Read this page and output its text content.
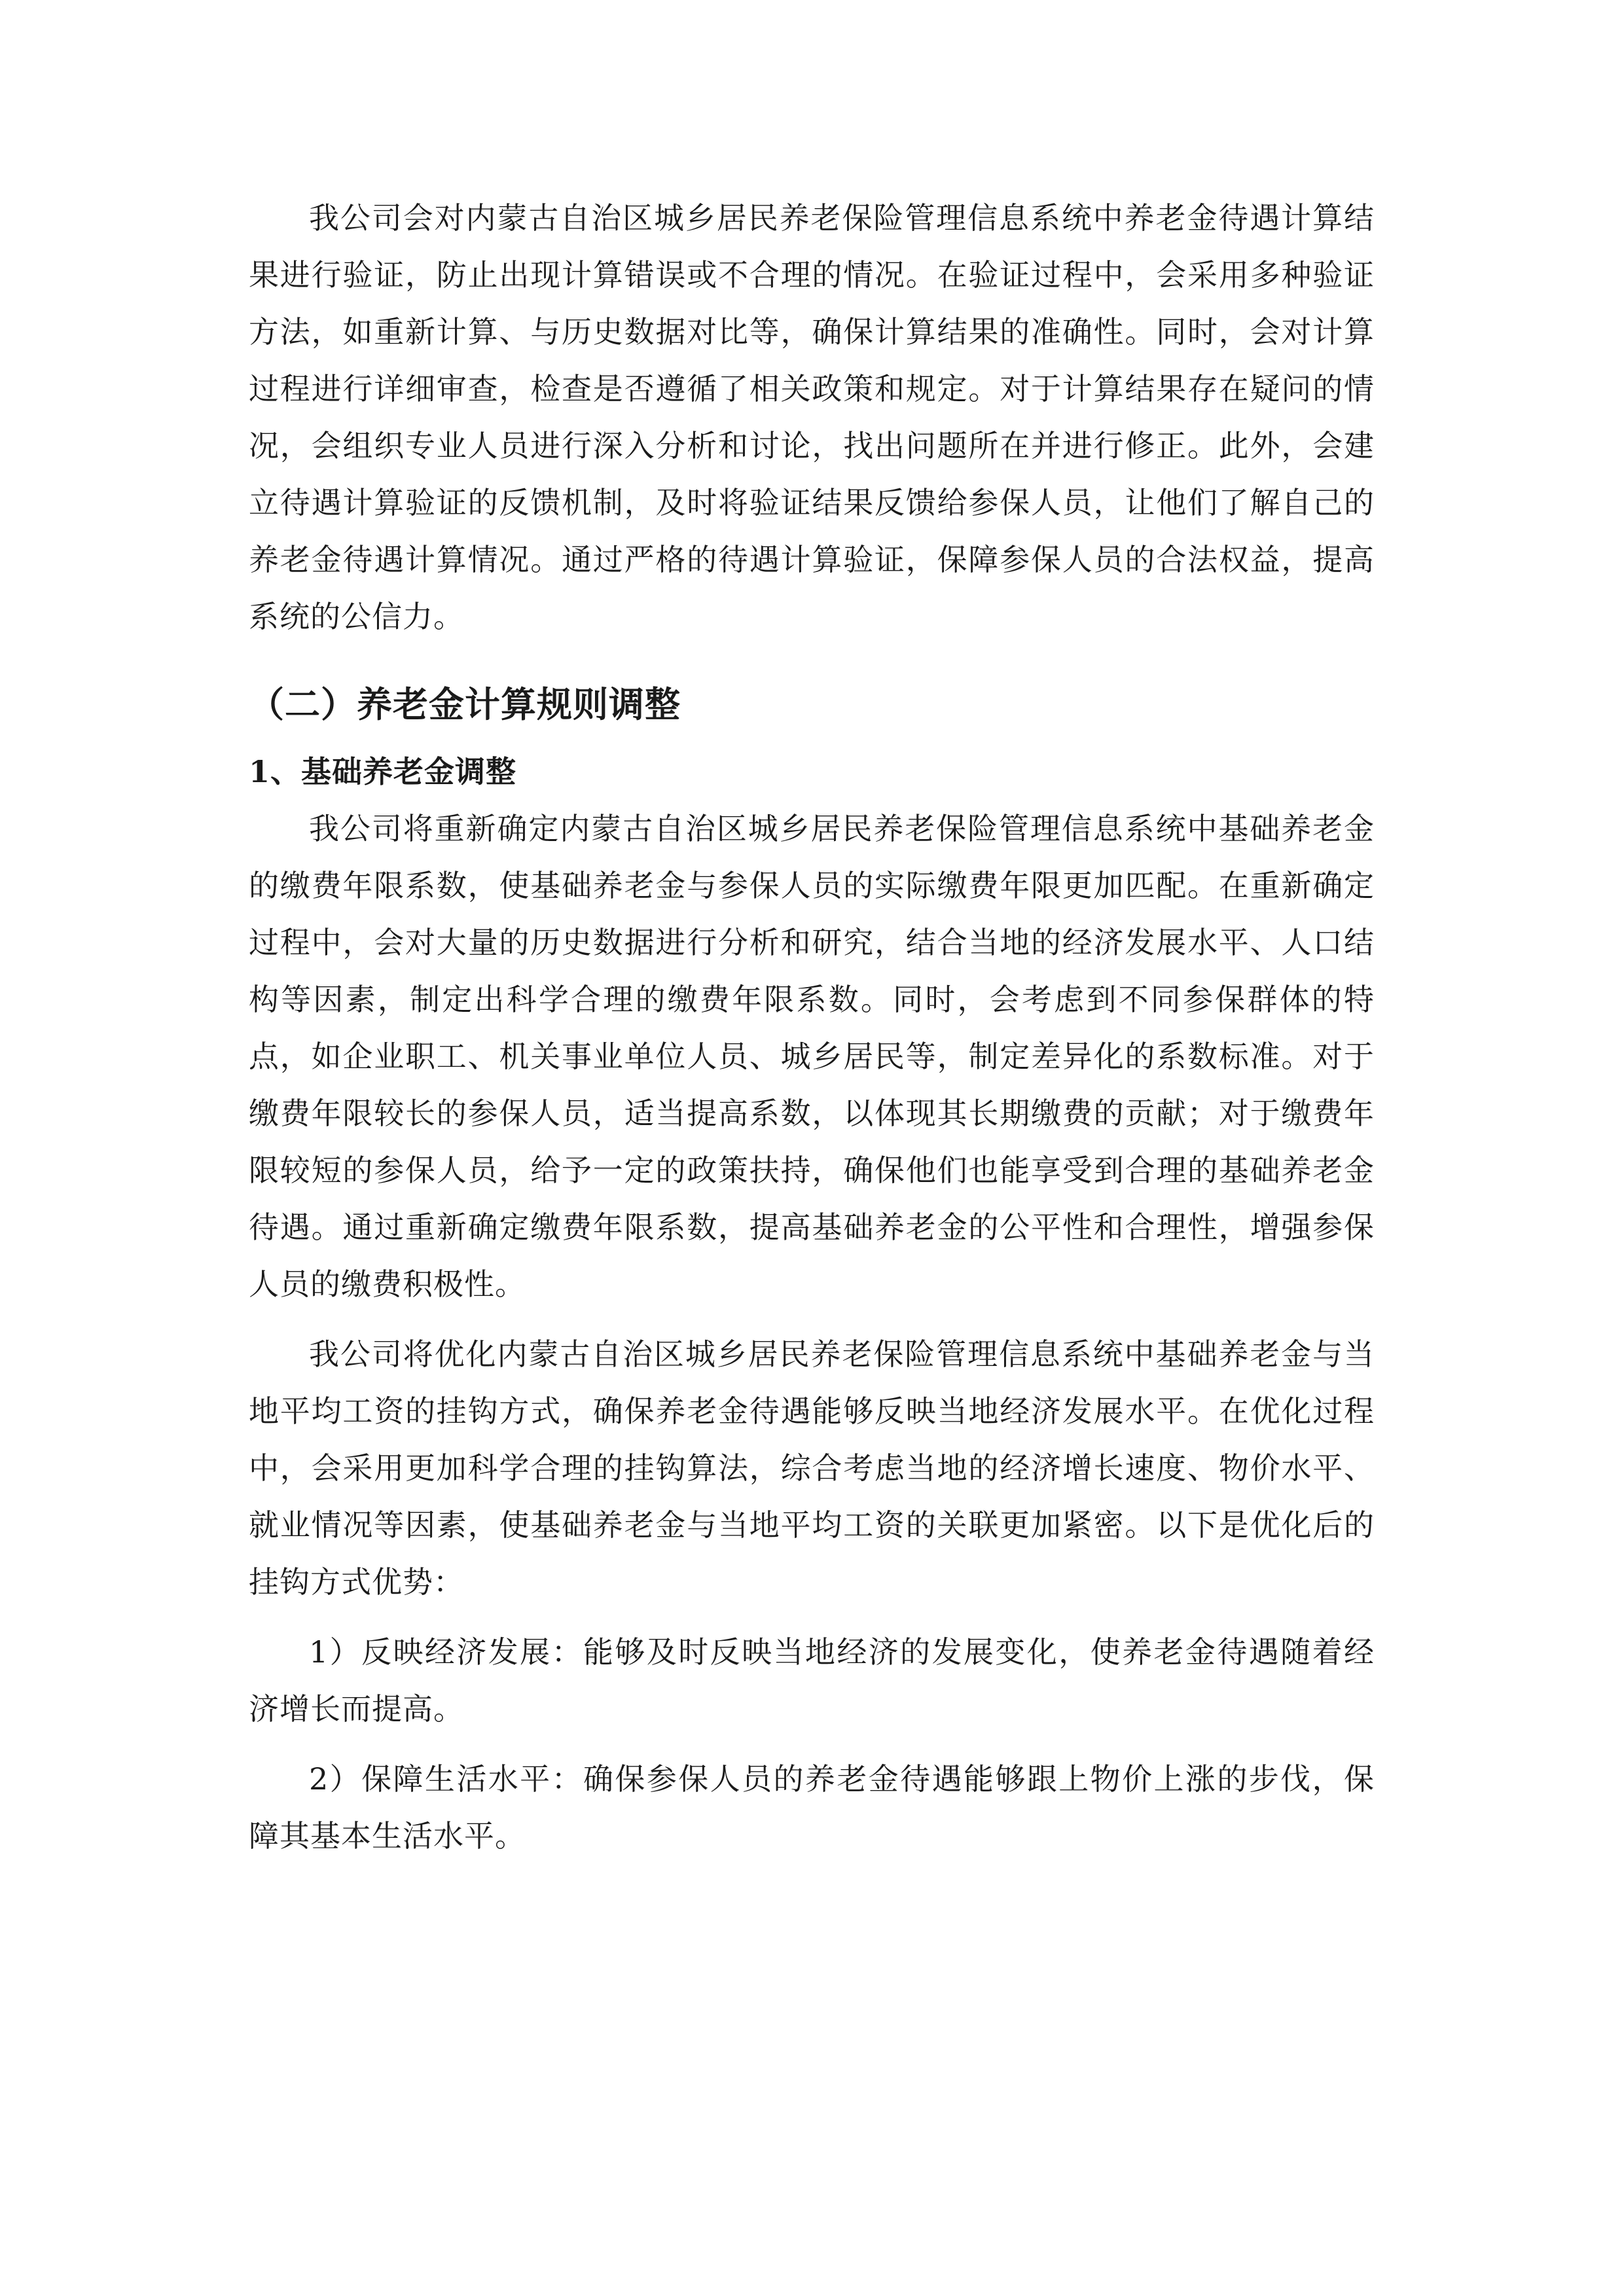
我公司会对内蒙古自治区城乡居民养老保险管理信息系统中养老金待遇计算结果进行验证，防止出现计算错误或不合理的情况。在验证过程中，会采用多种验证方法，如重新计算、与历史数据对比等，确保计算结果的准确性。同时，会对计算过程进行详细审查，检查是否遵循了相关政策和规定。对于计算结果存在疑问的情况，会组织专业人员进行深入分析和讨论，找出问题所在并进行修正。此外，会建立待遇计算验证的反馈机制，及时将验证结果反馈给参保人员，让他们了解自己的养老金待遇计算情况。通过严格的待遇计算验证，保障参保人员的合法权益，提高系统的公信力。

（二）养老金计算规则调整
1、基础养老金调整

我公司将重新确定内蒙古自治区城乡居民养老保险管理信息系统中基础养老金的缴费年限系数，使基础养老金与参保人员的实际缴费年限更加匹配。在重新确定过程中，会对大量的历史数据进行分析和研究，结合当地的经济发展水平、人口结构等因素，制定出科学合理的缴费年限系数。同时，会考虑到不同参保群体的特点，如企业职工、机关事业单位人员、城乡居民等，制定差异化的系数标准。对于缴费年限较长的参保人员，适当提高系数，以体现其长期缴费的贡献；对于缴费年限较短的参保人员，给予一定的政策扶持，确保他们也能享受到合理的基础养老金待遇。通过重新确定缴费年限系数，提高基础养老金的公平性和合理性，增强参保人员的缴费积极性。

我公司将优化内蒙古自治区城乡居民养老保险管理信息系统中基础养老金与当地平均工资的挂钩方式，确保养老金待遇能够反映当地经济发展水平。在优化过程中，会采用更加科学合理的挂钩算法，综合考虑当地的经济增长速度、物价水平、就业情况等因素，使基础养老金与当地平均工资的关联更加紧密。以下是优化后的挂钩方式优势：

1）反映经济发展：能够及时反映当地经济的发展变化，使养老金待遇随着经济增长而提高。

2）保障生活水平：确保参保人员的养老金待遇能够跟上物价上涨的步伐，保障其基本生活水平。
